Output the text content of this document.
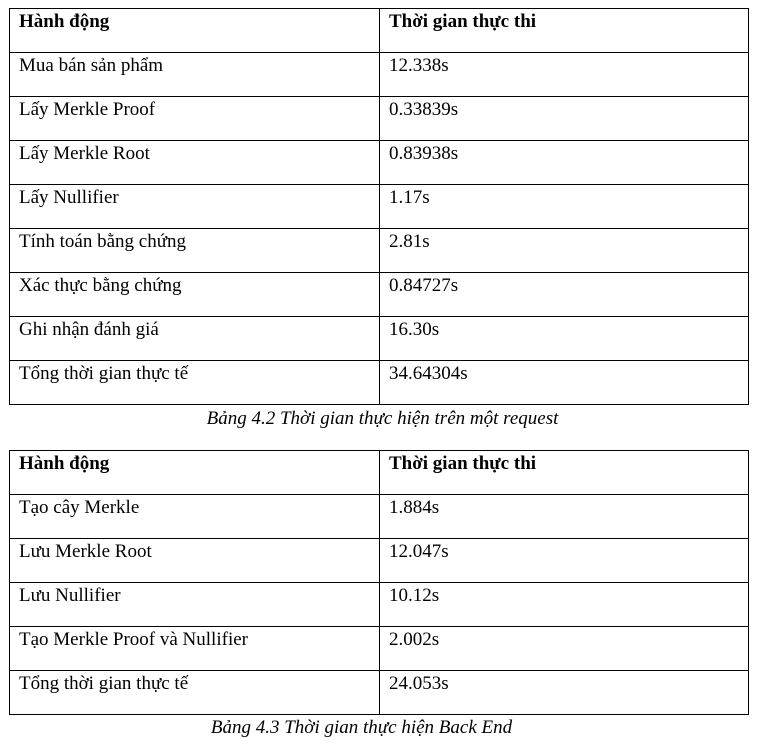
Hành động	Thời gian thực thi
Mua bán sản phẩm	12.338s
Lấy Merkle Proof	0.33839s
Lấy Merkle Root	0.83938s
Lấy Nullifier	1.17s
Tính toán bằng chứng	2.81s
Xác thực bằng chứng	0.84727s
Ghi nhận đánh giá	16.30s
Tổng thời gian thực tế	34.64304s
Bảng 4.2 Thời gian thực hiện trên một request
Hành động	Thời gian thực thi
Tạo cây Merkle	1.884s
Lưu Merkle Root	12.047s
Lưu Nullifier	10.12s
Tạo Merkle Proof và Nullifier	2.002s
Tổng thời gian thực tế	24.053s
Bảng 4.3 Thời gian thực hiện Back End
